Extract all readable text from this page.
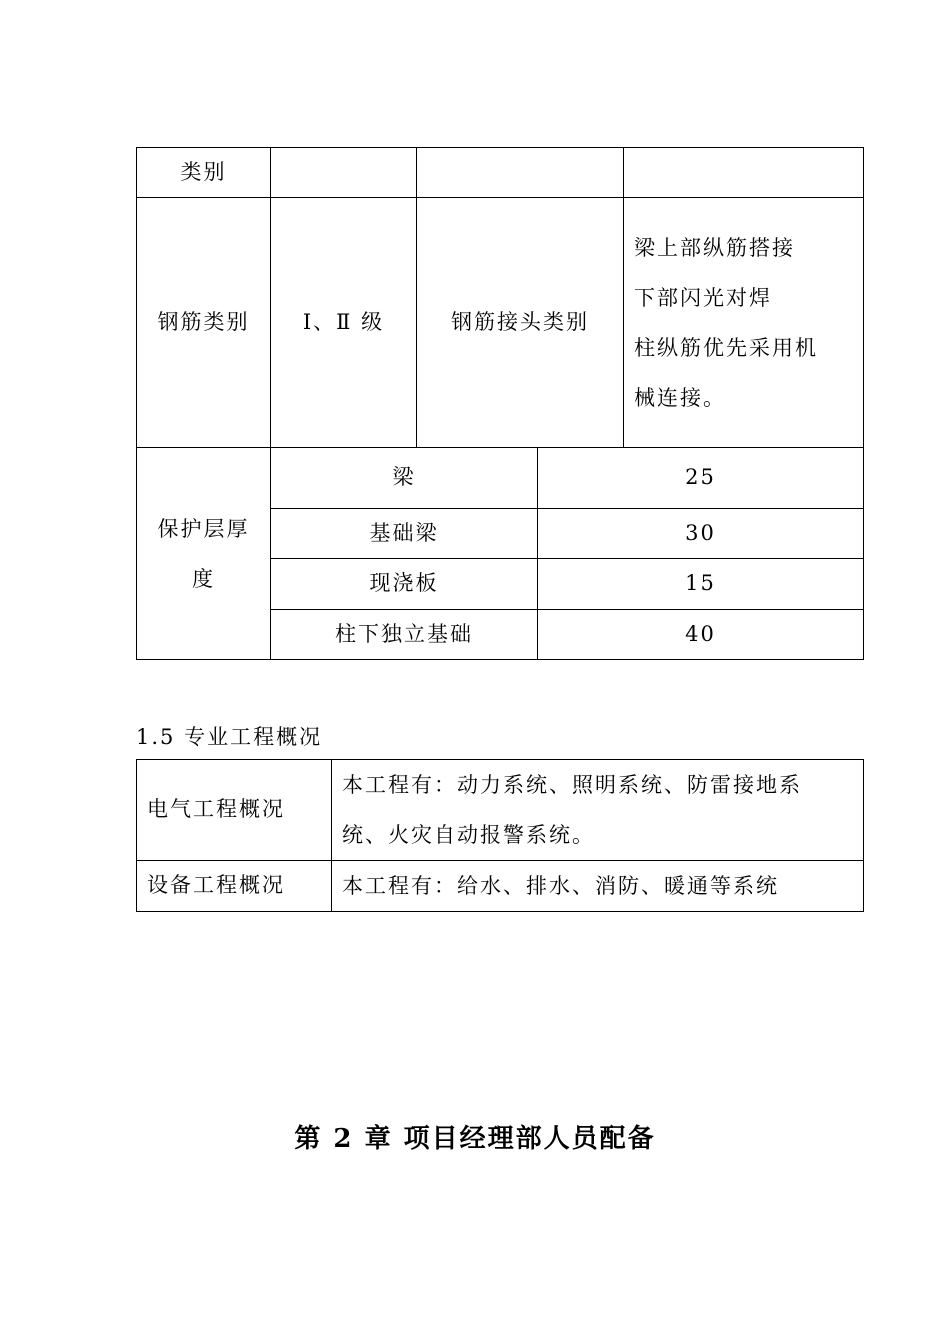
类别				
钢筋类别	Ⅰ、Ⅱ 级	钢筋接头类别		梁上部纵筋搭接
下部闪光对焊
柱纵筋优先采用机
械连接。

保护层厚
度	梁		25	
	基础梁		30	
	现浇板		15	
	柱下独立基础		40	
1.5 专业工程概况
电气工程概况	本工程有：动力系统、照明系统、防雷接地系
统、火灾自动报警系统。

设备工程概况	本工程有：给水、排水、消防、暖通等系统
第 2 章 项目经理部人员配备
